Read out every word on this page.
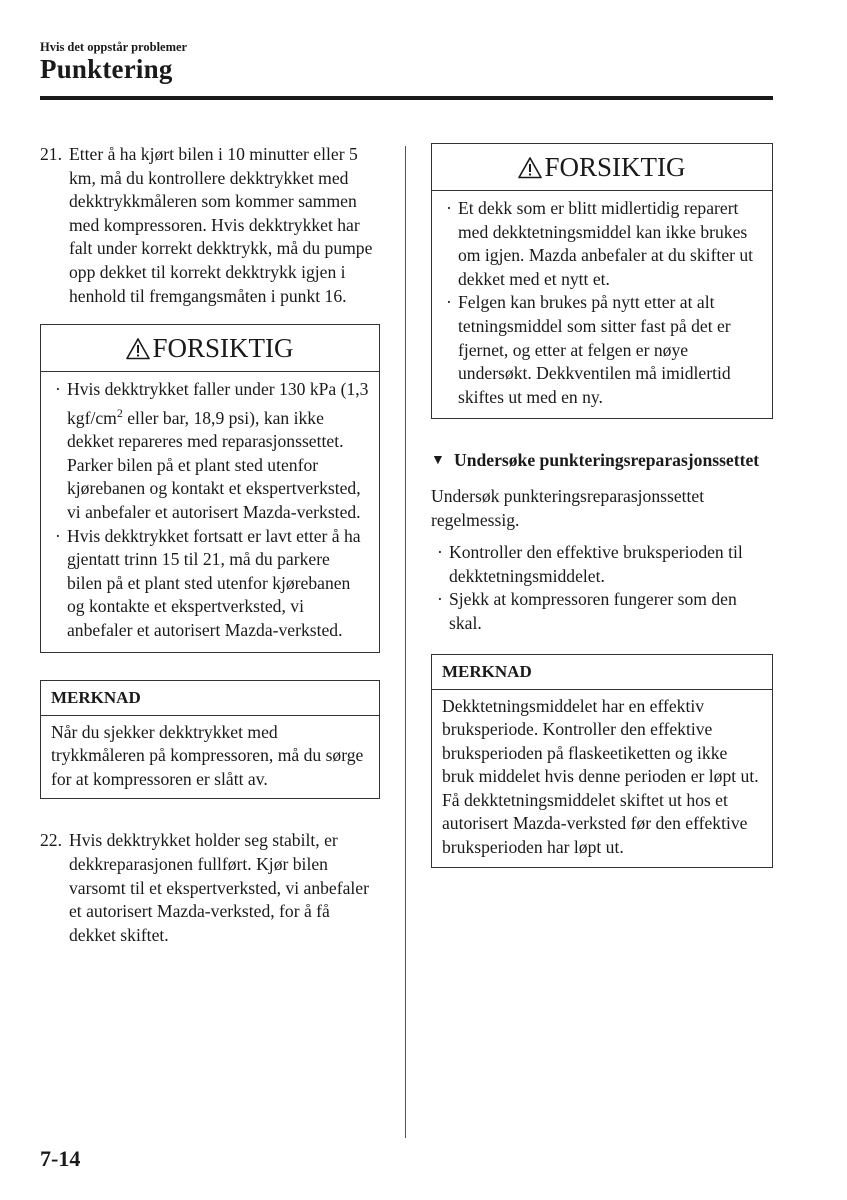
Hvis det oppstår problemer
Punktering
21. Etter å ha kjørt bilen i 10 minutter eller 5 km, må du kontrollere dekktrykket med dekktrykkmåleren som kommer sammen med kompressoren. Hvis dekktrykket har falt under korrekt dekktrykk, må du pumpe opp dekket til korrekt dekktrykk igjen i henhold til fremgangsmåten i punkt 16.
FORSIKTIG
· Hvis dekktrykket faller under 130 kPa (1,3 kgf/$cm^2$ eller bar, 18,9 psi), kan ikke dekket repareres med reparasjonssettet. Parker bilen på et plant sted utenfor kjørebanen og kontakt et ekspertverksted, vi anbefaler et autorisert Mazda-verksted.
· Hvis dekktrykket fortsatt er lavt etter å ha gjentatt trinn 15 til 21, må du parkere bilen på et plant sted utenfor kjørebanen og kontakte et ekspertverksted, vi anbefaler et autorisert Mazda-verksted.
MERKNAD
Når du sjekker dekktrykket med trykkmåleren på kompressoren, må du sørge for at kompressoren er slått av.
22. Hvis dekktrykket holder seg stabilt, er dekkreparasjonen fullført. Kjør bilen varsomt til et ekspertverksted, vi anbefaler et autorisert Mazda-verksted, for å få dekket skiftet.
FORSIKTIG
· Et dekk som er blitt midlertidig reparert med dekktetningsmiddel kan ikke brukes om igjen. Mazda anbefaler at du skifter ut dekket med et nytt et.
· Felgen kan brukes på nytt etter at alt tetningsmiddel som sitter fast på det er fjernet, og etter at felgen er nøye undersøkt. Dekkventilen må imidlertid skiftes ut med en ny.
▼ Undersøke punkteringsreparasjonssettet
Undersøk punkteringsreparasjonssettet regelmessig.
· Kontroller den effektive bruksperioden til dekktetningsmiddelet.
· Sjekk at kompressoren fungerer som den skal.
MERKNAD
Dekktetningsmiddelet har en effektiv bruksperiode. Kontroller den effektive bruksperioden på flaskeetiketten og ikke bruk middelet hvis denne perioden er løpt ut. Få dekktetningsmiddelet skiftet ut hos et autorisert Mazda-verksted før den effektive bruksperioden har løpt ut.
7-14
